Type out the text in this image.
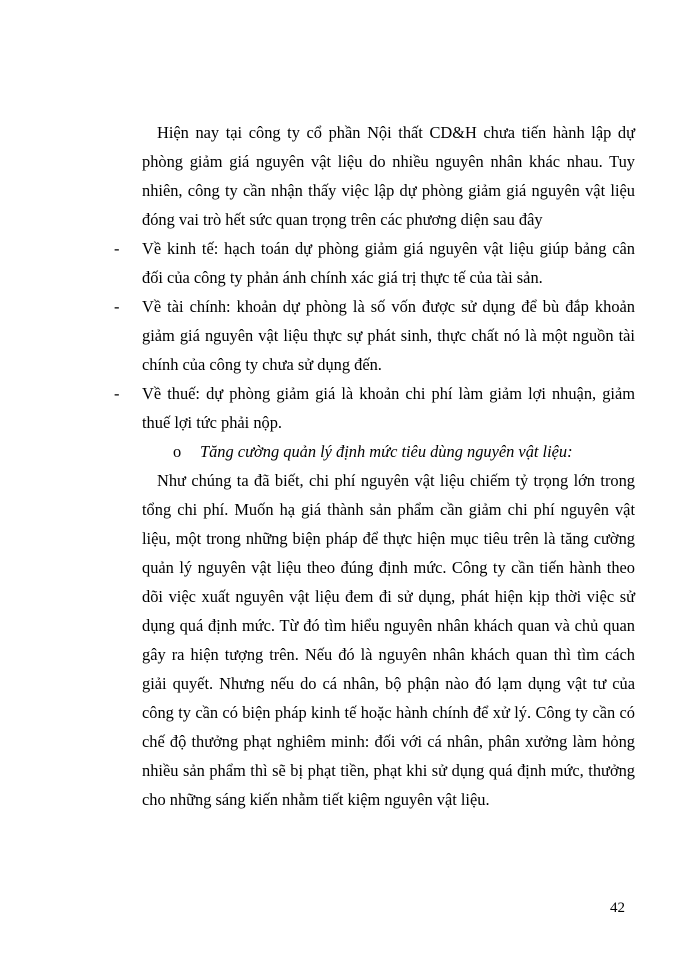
Hiện nay tại công ty cổ phần Nội thất CD&H chưa tiến hành lập dự phòng giảm giá nguyên vật liệu do nhiều nguyên nhân khác nhau. Tuy nhiên, công ty cần nhận thấy việc lập dự phòng giảm giá nguyên vật liệu đóng vai trò hết sức quan trọng trên các phương diện sau đây

- Về kinh tế: hạch toán dự phòng giảm giá nguyên vật liệu giúp bảng cân đối của công ty phản ánh chính xác giá trị thực tế của tài sản.
- Về tài chính: khoản dự phòng là số vốn được sử dụng để bù đắp khoản giảm giá nguyên vật liệu thực sự phát sinh, thực chất nó là một nguồn tài chính của công ty chưa sử dụng đến.
- Về thuế: dự phòng giảm giá là khoản chi phí làm giảm lợi nhuận, giảm thuế lợi tức phải nộp.

o Tăng cường quản lý định mức tiêu dùng nguyên vật liệu:

Như chúng ta đã biết, chi phí nguyên vật liệu chiếm tỷ trọng lớn trong tổng chi phí. Muốn hạ giá thành sản phẩm cần giảm chi phí nguyên vật liệu, một trong những biện pháp để thực hiện mục tiêu trên là tăng cường quản lý nguyên vật liệu theo đúng định mức. Công ty cần tiến hành theo dõi việc xuất nguyên vật liệu đem đi sử dụng, phát hiện kịp thời việc sử dụng quá định mức. Từ đó tìm hiểu nguyên nhân khách quan và chủ quan gây ra hiện tượng trên. Nếu đó là nguyên nhân khách quan thì tìm cách giải quyết. Nhưng nếu do cá nhân, bộ phận nào đó lạm dụng vật tư của công ty cần có biện pháp kinh tế hoặc hành chính để xử lý. Công ty cần có chế độ thưởng phạt nghiêm minh: đối với cá nhân, phân xưởng làm hỏng nhiều sản phẩm thì sẽ bị phạt tiền, phạt khi sử dụng quá định mức, thưởng cho những sáng kiến nhằm tiết kiệm nguyên vật liệu.

42
